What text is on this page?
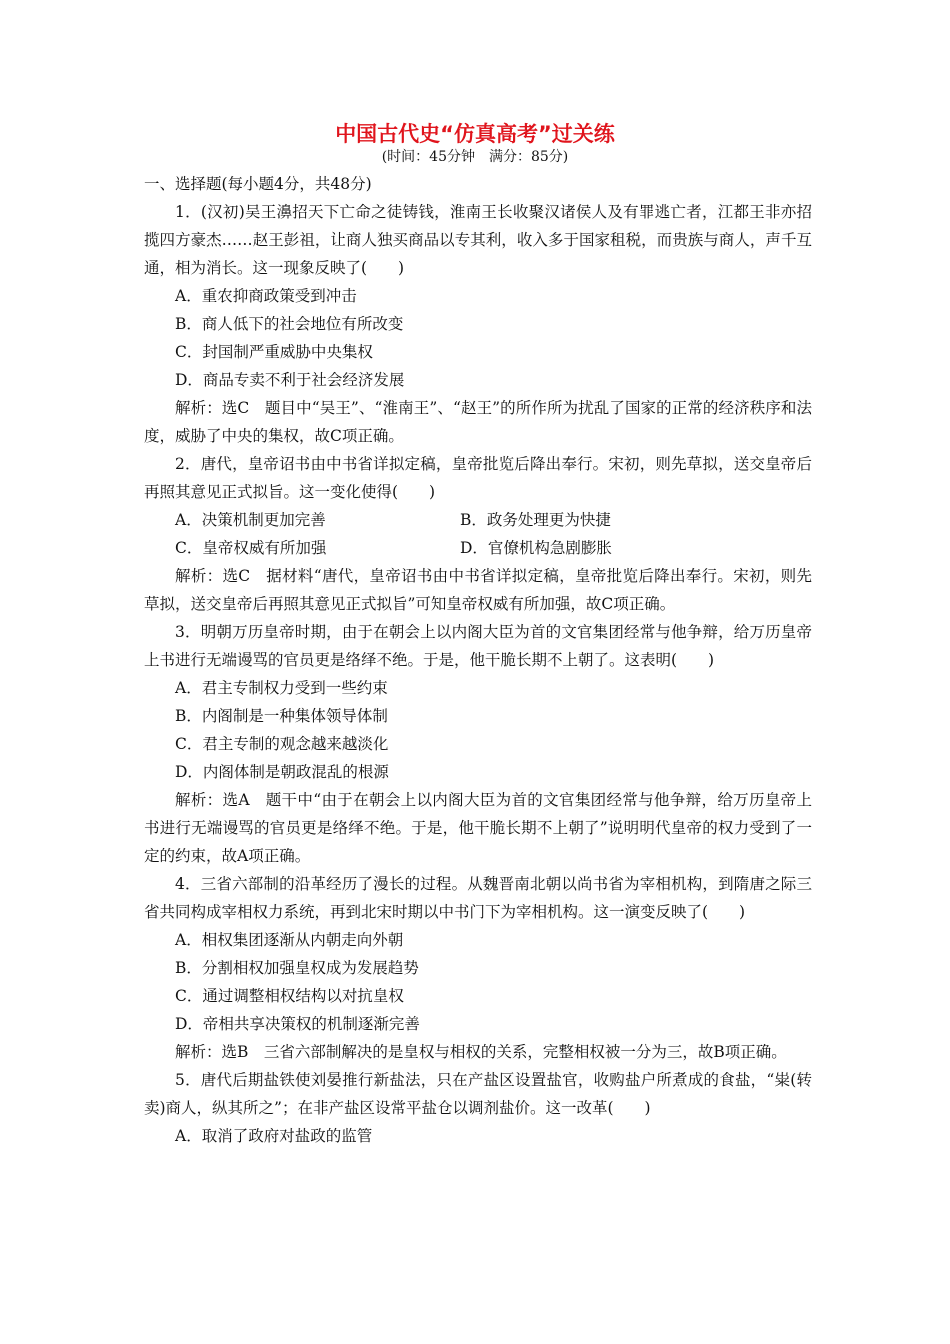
中国古代史“仿真高考”过关练
(时间：45分钟　满分：85分)

一、选择题(每小题4分，共48分)

1．(汉初)吴王濞招天下亡命之徒铸钱，淮南王长收聚汉诸侯人及有罪逃亡者，江都王非亦招揽四方豪杰……赵王彭祖，让商人独买商品以专其利，收入多于国家租税，而贵族与商人，声千互通，相为消长。这一现象反映了(　　)

A．重农抑商政策受到冲击

B．商人低下的社会地位有所改变

C．封国制严重威胁中央集权

D．商品专卖不利于社会经济发展

解析：选C　题目中“吴王”、“淮南王”、“赵王”的所作所为扰乱了国家的正常的经济秩序和法度，威胁了中央的集权，故C项正确。

2．唐代，皇帝诏书由中书省详拟定稿，皇帝批览后降出奉行。宋初，则先草拟，送交皇帝后再照其意见正式拟旨。这一变化使得(　　)

A．决策机制更加完善	B．政务处理更为快捷
C．皇帝权威有所加强	D．官僚机构急剧膨胀

解析：选C　据材料“唐代，皇帝诏书由中书省详拟定稿，皇帝批览后降出奉行。宋初，则先草拟，送交皇帝后再照其意见正式拟旨”可知皇帝权威有所加强，故C项正确。

3．明朝万历皇帝时期，由于在朝会上以内阁大臣为首的文官集团经常与他争辩，给万历皇帝上书进行无端谩骂的官员更是络绎不绝。于是，他干脆长期不上朝了。这表明(　　)

A．君主专制权力受到一些约束

B．内阁制是一种集体领导体制

C．君主专制的观念越来越淡化

D．内阁体制是朝政混乱的根源

解析：选A　题干中“由于在朝会上以内阁大臣为首的文官集团经常与他争辩，给万历皇帝上书进行无端谩骂的官员更是络绎不绝。于是，他干脆长期不上朝了”说明明代皇帝的权力受到了一定的约束，故A项正确。

4．三省六部制的沿革经历了漫长的过程。从魏晋南北朝以尚书省为宰相机构，到隋唐之际三省共同构成宰相权力系统，再到北宋时期以中书门下为宰相机构。这一演变反映了(　　)

A．相权集团逐渐从内朝走向外朝

B．分割相权加强皇权成为发展趋势

C．通过调整相权结构以对抗皇权

D．帝相共享决策权的机制逐渐完善

解析：选B　三省六部制解决的是皇权与相权的关系，完整相权被一分为三，故B项正确。

5．唐代后期盐铁使刘晏推行新盐法，只在产盐区设置盐官，收购盐户所煮成的食盐，“粜(转卖)商人，纵其所之”；在非产盐区设常平盐仓以调剂盐价。这一改革(　　)

A．取消了政府对盐政的监管
